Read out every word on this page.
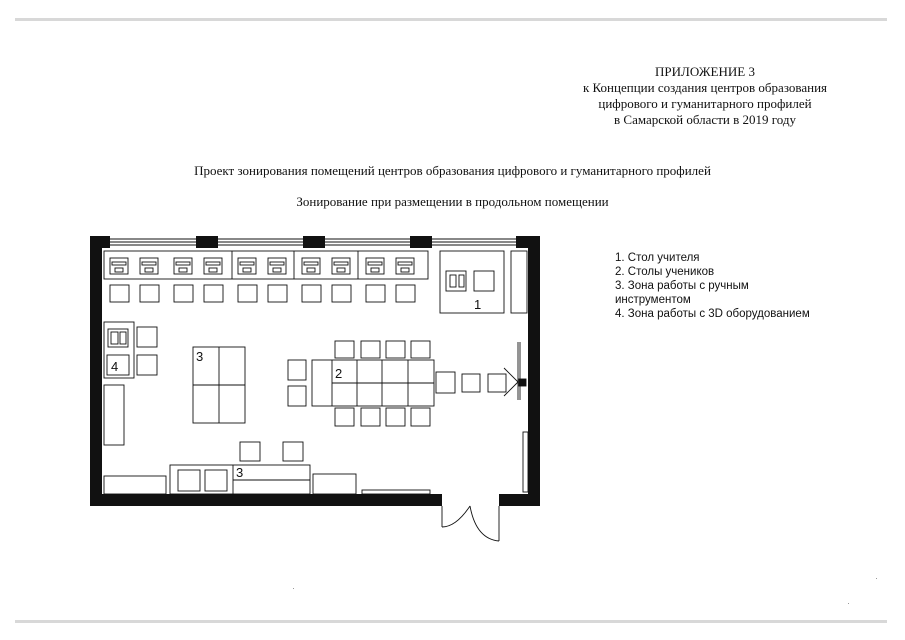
ПРИЛОЖЕНИЕ 3
к Концепции создания центров образования
цифрового и гуманитарного профилей
в Самарской области в 2019 году
Проект зонирования помещений центров образования цифрового и гуманитарного профилей
Зонирование при размещении в продольном помещении
1. Стол учителя
2. Столы учеников
3. Зона работы с ручным инструментом
4. Зона работы с 3D оборудованием
1
2
3
3
4
